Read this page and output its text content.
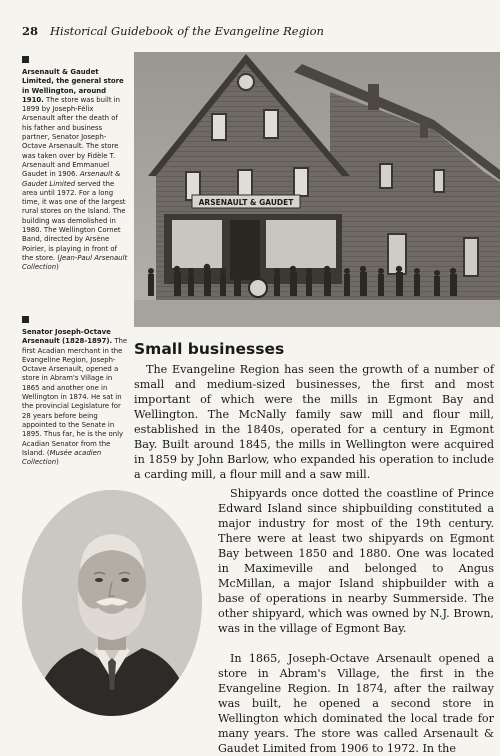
28 Historical Guidebook of the Evangeline Region
Arsenault & Gaudet Limited, the general store in Wellington, around 1910. The store was built in 1899 by Joseph-Félix Arsenault after the death of his father and business partner, Senator Joseph-Octave Arsenault. The store was taken over by Fidèle T. Arsenault and Emmanuel Gaudet in 1906. Arsenault & Gaudet Limited served the area until 1972. For a long time, it was one of the largest rural stores on the Island. The building was demolished in 1980. The Wellington Cornet Band, directed by Arsène Poirier, is playing in front of the store. (Jean-Paul Arsenault Collection)
Senator Joseph-Octave Arsenault (1828-1897). The first Acadian merchant in the Evangeline Region, Joseph-Octave Arsenault, opened a store in Abram's Village in 1865 and another one in Wellington in 1874. He sat in the provincial Legislature for 28 years before being appointed to the Senate in 1895. Thus far, he is the only Acadian Senator from the Island. (Musée acadien Collection)
ARSENAULT & GAUDET
Small businesses

The Evangeline Region has seen the growth of a number of small and medium-sized businesses, the first and most important of which were the mills in Egmont Bay and Wellington. The McNally family saw mill and flour mill, established in the 1840s, operated for a century in Egmont Bay. Built around 1845, the mills in Wellington were acquired in 1859 by John Barlow, who expanded his operation to include a carding mill, a flour mill and a saw mill.

Shipyards once dotted the coastline of Prince Edward Island since shipbuilding constituted a major industry for most of the 19th century. There were at least two shipyards on Egmont Bay between 1850 and 1880. One was located in Maximeville and belonged to Angus McMillan, a major Island shipbuilder with a base of operations in nearby Summerside. The other shipyard, which was owned by N.J. Brown, was in the village of Egmont Bay.

In 1865, Joseph-Octave Arsenault opened a store in Abram's Village, the first in the Evangeline Region. In 1874, after the railway was built, he opened a second store in Wellington which dominated the local trade for many years. The store was called Arsenault & Gaudet Limited from 1906 to 1972. In the
